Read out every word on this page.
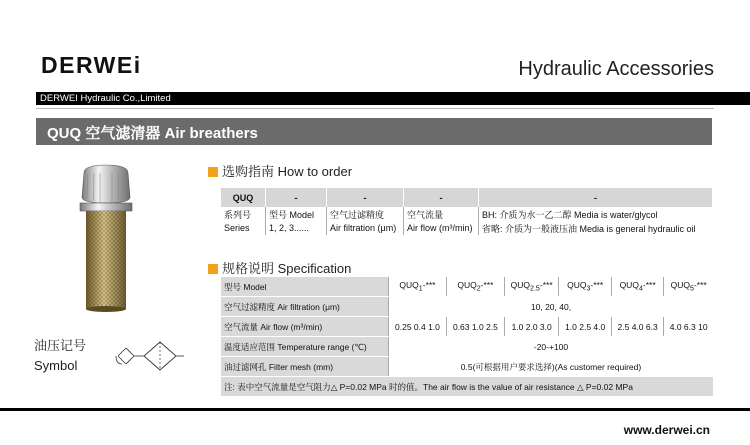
DERWEi	Hydraulic Accessories
DERWEI Hydraulic Co.,Limited
QUQ 空气滤清器 Air breathers
油压记号
Symbol
选购指南 How to order
QUQ	-	-	-	-
系列号	型号 Model	空气过滤精度	空气流量	BH: 介质为水一乙二醇 Media is water/glycol
Series	1, 2, 3......	Air filtration (μm)	Air flow (m³/min)	省略: 介质为一般液压油 Media is general hydraulic oil
规格说明 Specification
型号 Model	$QUQ_1-***$	$QUQ_2-***$	$QUQ_{2.5}-***$	$QUQ_3-***$	$QUQ_4-***$	$QUQ_5-***$
空气过滤精度 Air filtration (μm)	10, 20, 40,					
空气流量 Air flow (m³/min)	0.25 0.4 1.0	0.63 1.0 2.5	1.0 2.0 3.0	1.0 2.5 4.0	2.5 4.0 6.3	4.0 6.3 10
温度适应范围 Temperature range (℃)	-20-+100					
油过滤网孔 Filter mesh (mm)	0.5(可根据用户要求选择)(As customer required)					
注: 表中空气流量是空气阻力△ P=0.02 MPa 时的值。The air flow is the value of air resistance △ P=0.02 MPa						
www.derwei.cn
